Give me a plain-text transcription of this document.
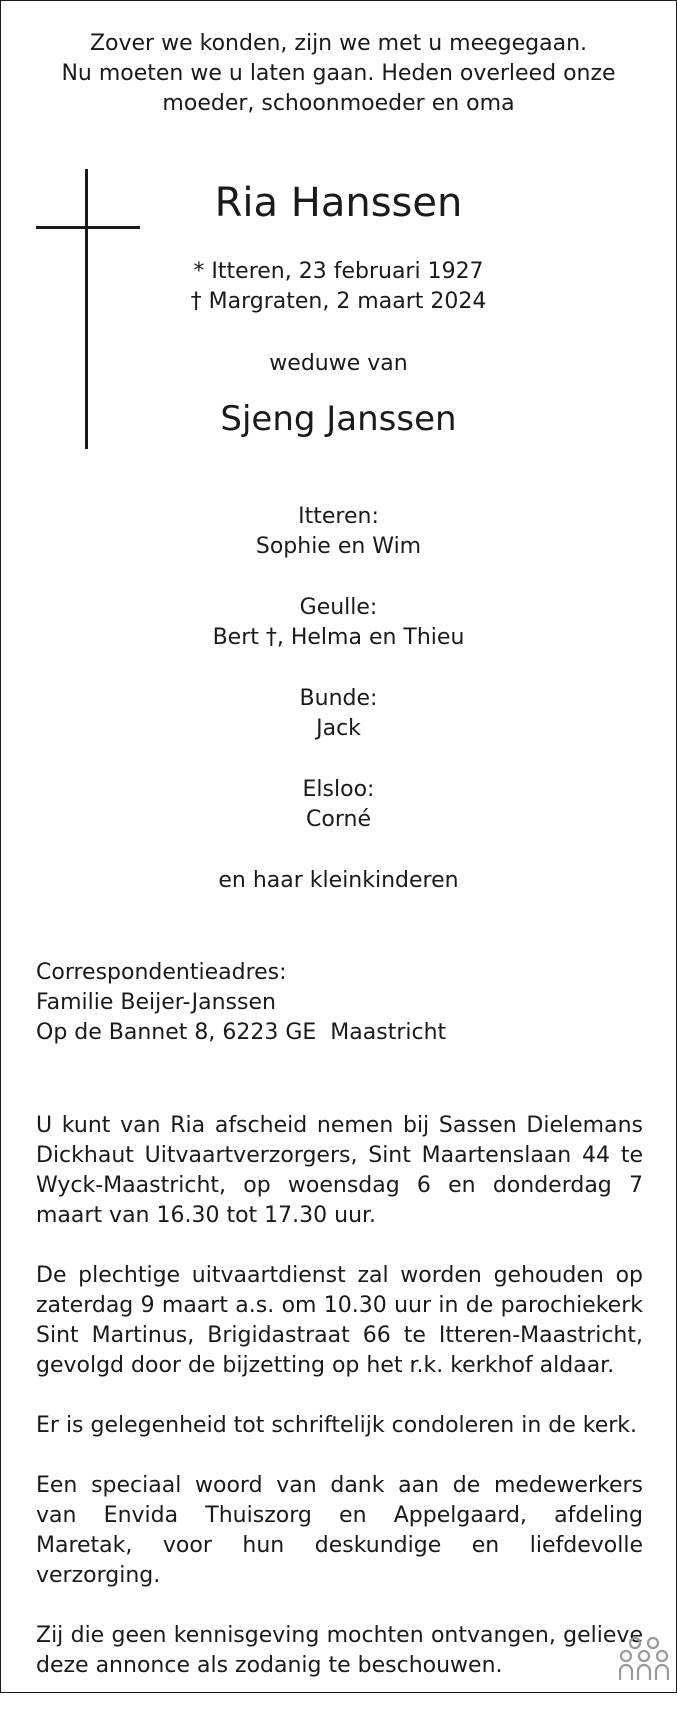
Zover we konden, zijn we met u meegegaan.
Nu moeten we u laten gaan. Heden overleed onze
moeder, schoonmoeder en oma
Ria Hanssen
* Itteren, 23 februari 1927
† Margraten, 2 maart 2024
weduwe van
Sjeng Janssen
Itteren:
Sophie en Wim
Geulle:
Bert †, Helma en Thieu
Bunde:
Jack
Elsloo:
Corné
en haar kleinkinderen
Correspondentieadres:
Familie Beijer-Janssen
Op de Bannet 8, 6223 GE  Maastricht

U kunt van Ria afscheid nemen bij Sassen Dielemans Dickhaut Uitvaartverzorgers, Sint Maartenslaan 44 te Wyck-Maastricht, op woensdag 6 en donderdag 7 maart van 16.30 tot 17.30 uur.

De plechtige uitvaartdienst zal worden gehouden op zaterdag 9 maart a.s. om 10.30 uur in de parochiekerk Sint Martinus, Brigidastraat 66 te Itteren-Maastricht, gevolgd door de bijzetting op het r.k. kerkhof aldaar.

Er is gelegenheid tot schriftelijk condoleren in de kerk.

Een speciaal woord van dank aan de medewerkers van Envida Thuiszorg en Appelgaard, afdeling Maretak, voor hun deskundige en liefdevolle verzorging.

Zij die geen kennisgeving mochten ontvangen, gelieve deze annonce als zodanig te beschouwen.
